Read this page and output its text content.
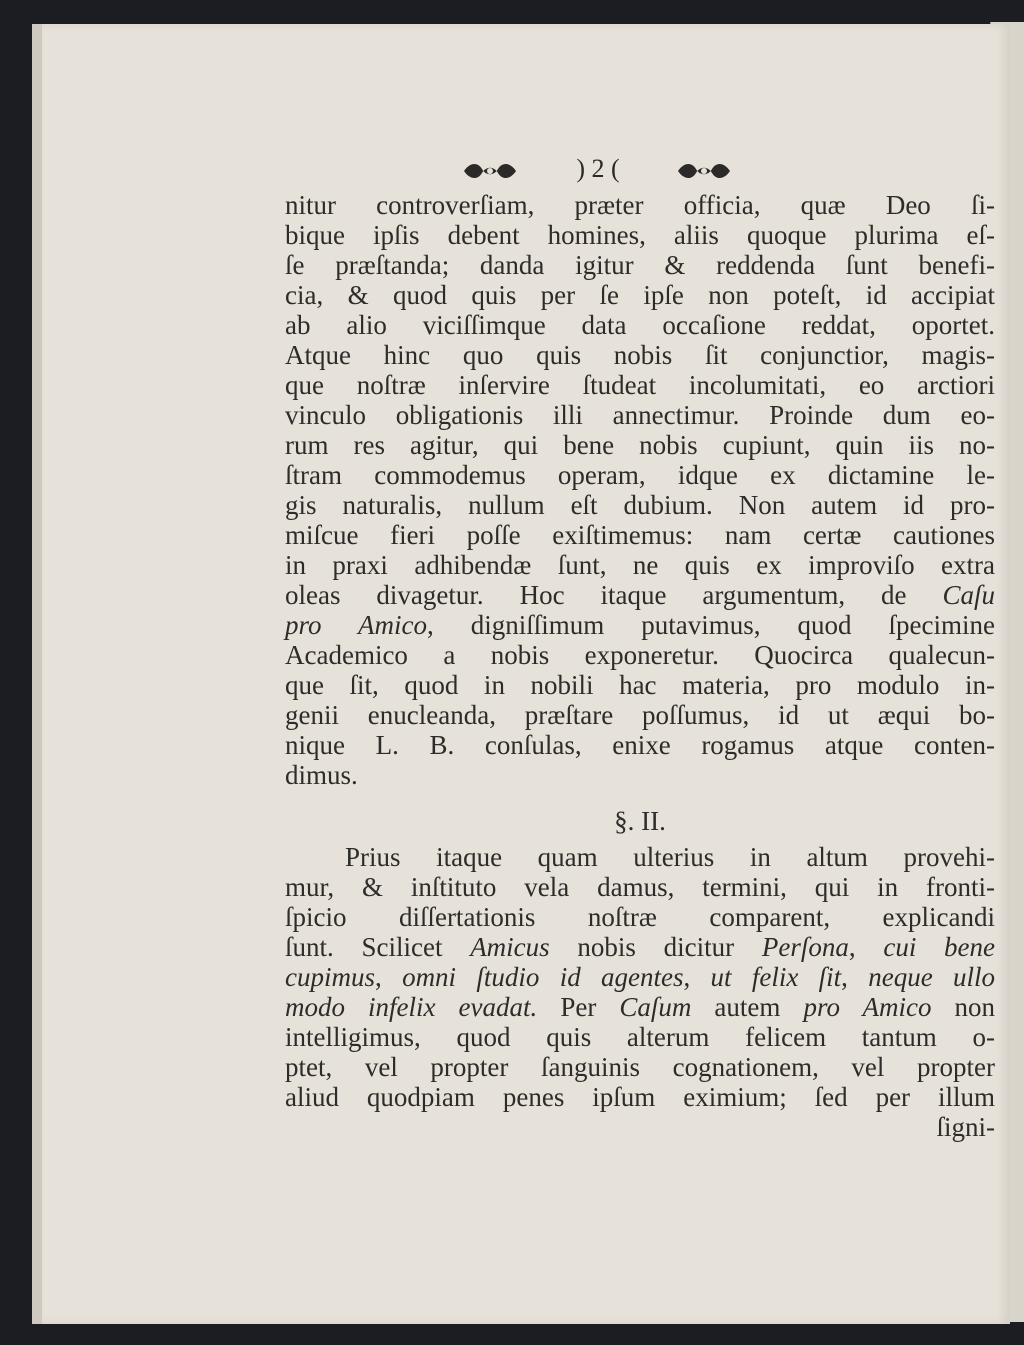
) 2 (
nitur controverſiam, præter officia, quæ Deo ſi-
bique ipſis debent homines, aliis quoque plurima eſ-
ſe præſtanda; danda igitur & reddenda ſunt benefi-
cia, & quod quis per ſe ipſe non poteſt, id accipiat
ab alio viciſſimque data occaſione reddat, oportet.
Atque hinc quo quis nobis ſit conjunctior, magis-
que noſtræ inſervire ſtudeat incolumitati, eo arctiori
vinculo obligationis illi annectimur. Proinde dum eo-
rum res agitur, qui bene nobis cupiunt, quin iis no-
ſtram commodemus operam, idque ex dictamine le-
gis naturalis, nullum eſt dubium. Non autem id pro-
miſcue fieri poſſe exiſtimemus: nam certæ cautiones
in praxi adhibendæ ſunt, ne quis ex improviſo extra
oleas divagetur. Hoc itaque argumentum, de Caſu
pro Amico, digniſſimum putavimus, quod ſpecimine
Academico a nobis exponeretur. Quocirca qualecun-
que ſit, quod in nobili hac materia, pro modulo in-
genii enucleanda, præſtare poſſumus, id ut æqui bo-
nique L. B. conſulas, enixe rogamus atque conten-
dimus.
§. II.
Prius itaque quam ulterius in altum provehi-
mur, & inſtituto vela damus, termini, qui in fronti-
ſpicio diſſertationis noſtræ comparent, explicandi
ſunt. Scilicet Amicus nobis dicitur Perſona, cui bene
cupimus, omni ſtudio id agentes, ut felix ſit, neque ullo
modo infelix evadat. Per Caſum autem pro Amico non
intelligimus, quod quis alterum felicem tantum o-
ptet, vel propter ſanguinis cognationem, vel propter
aliud quodpiam penes ipſum eximium; ſed per illum
ſigni-
